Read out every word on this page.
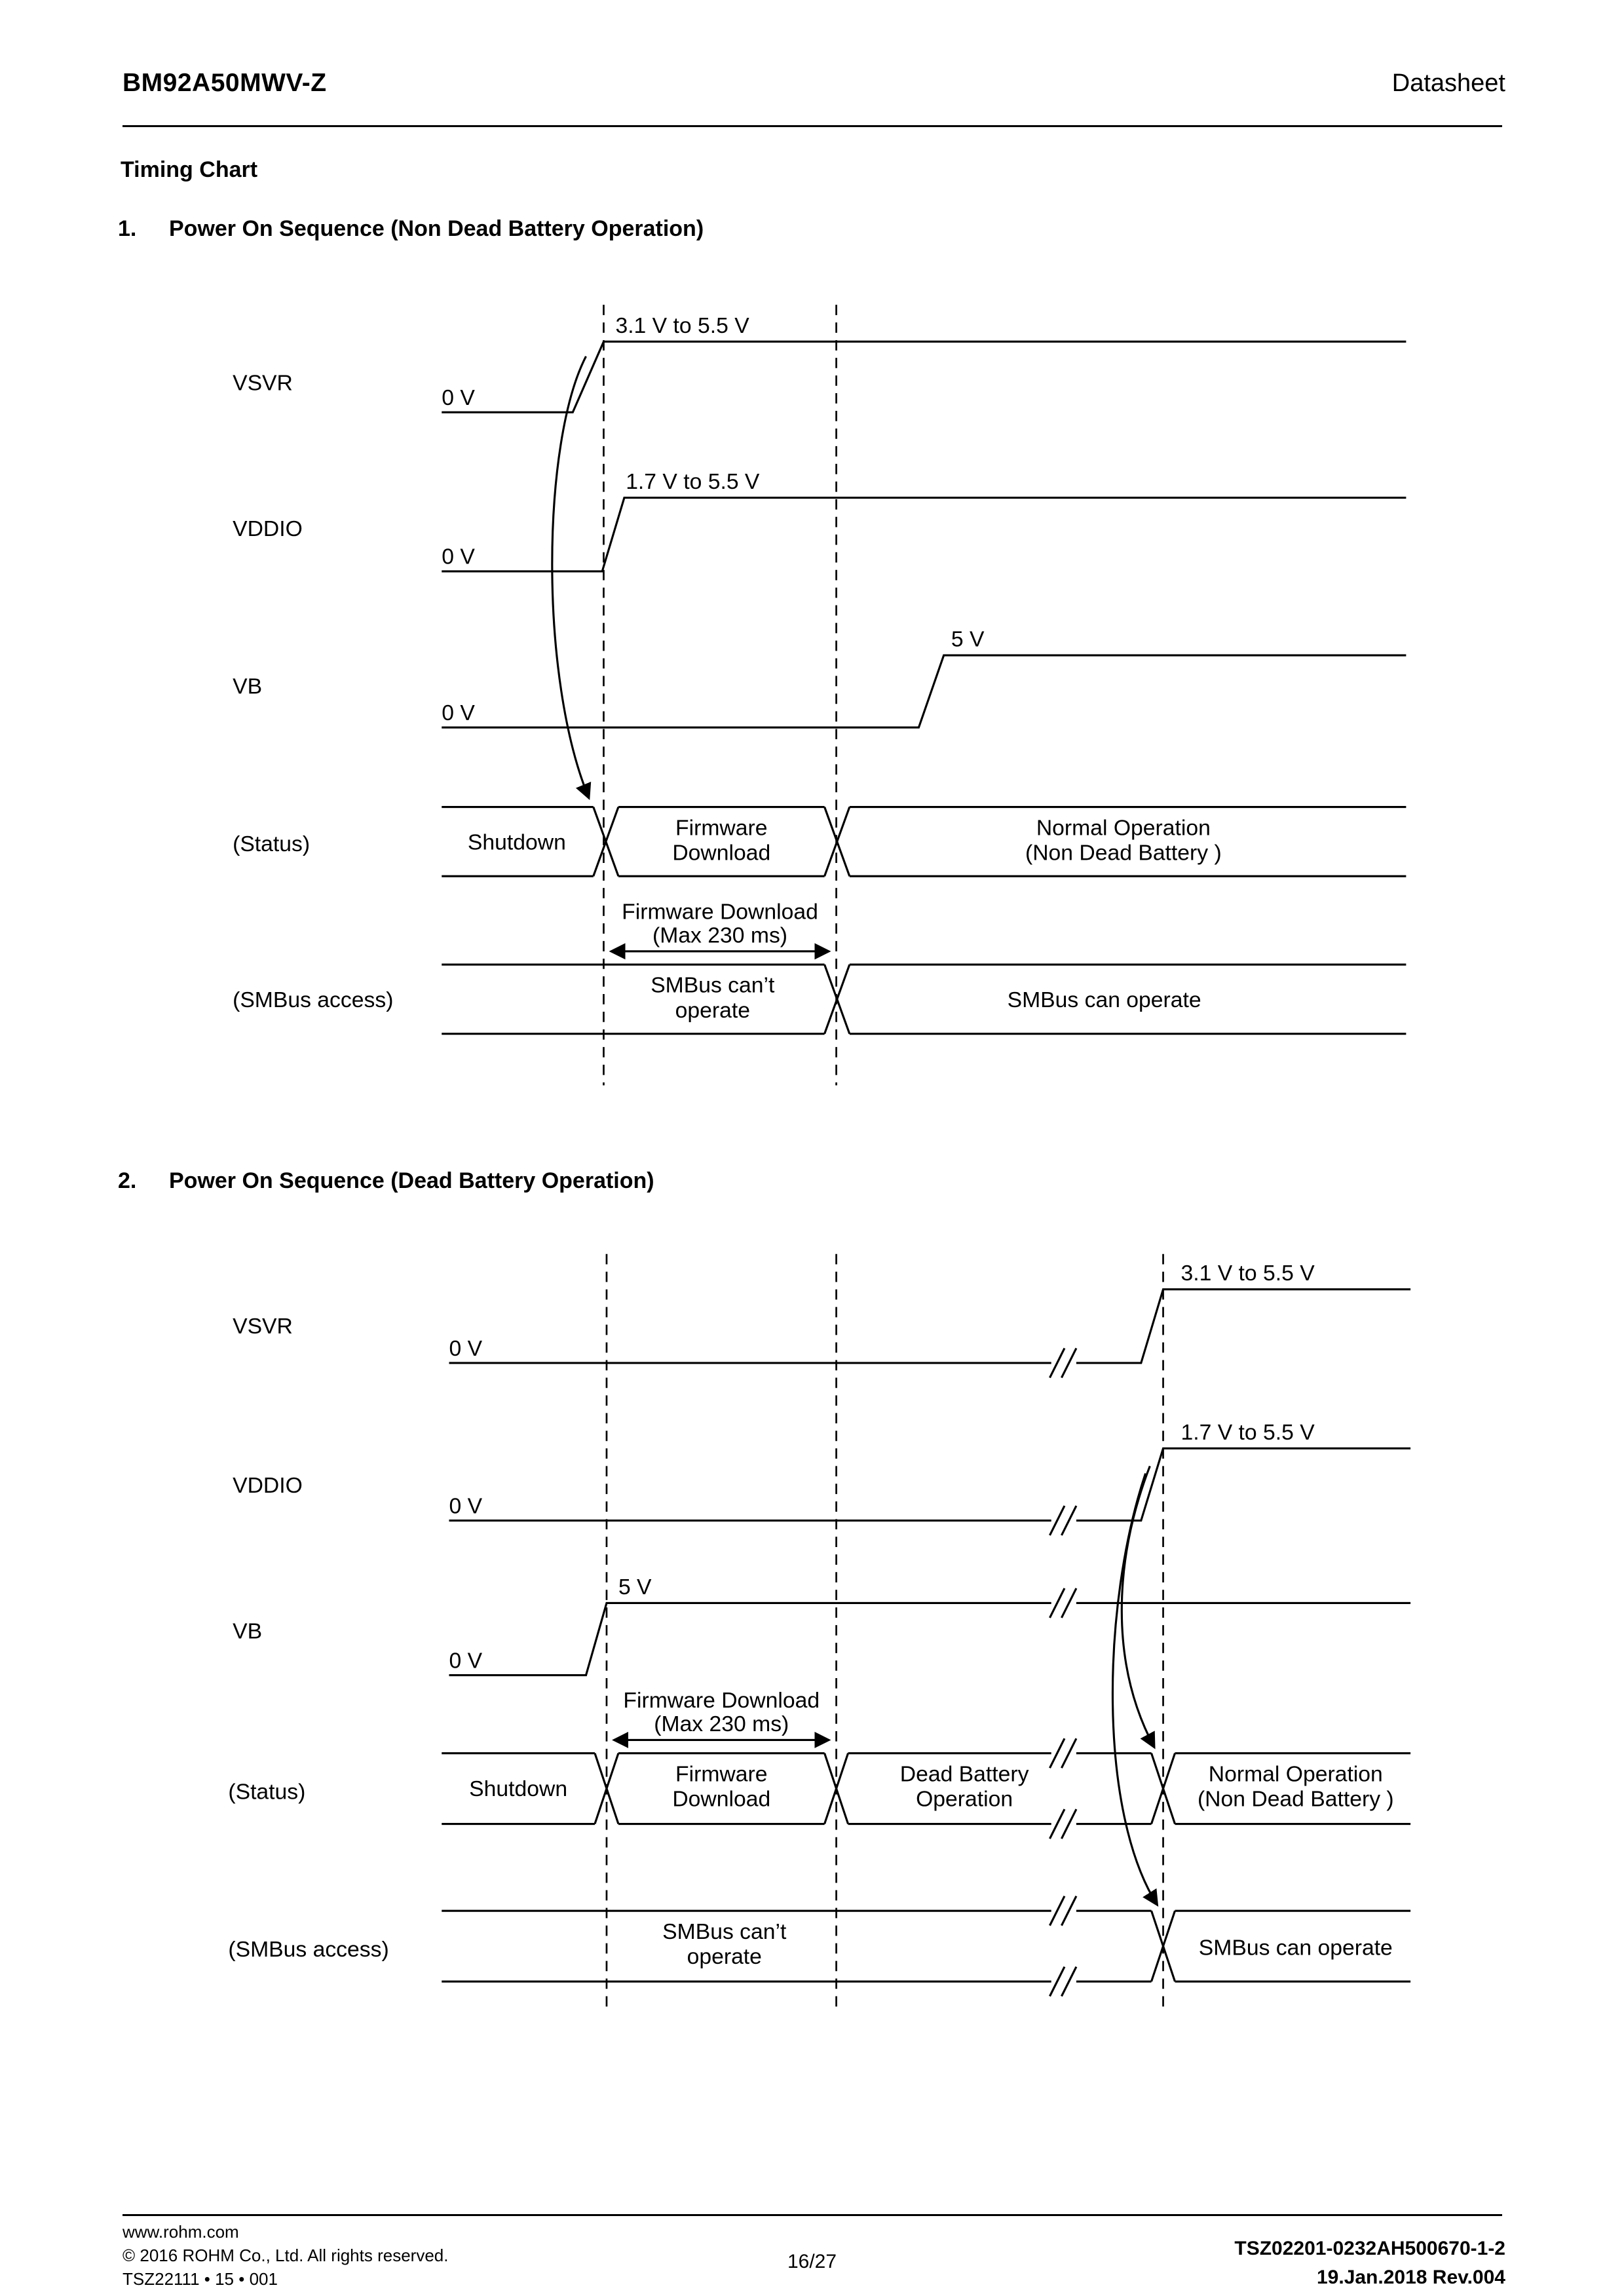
BM92A50MWV-Z	Datasheet
Timing Chart
1. Power On Sequence (Non Dead Battery Operation)
VSVR
0 V
3.1 V to 5.5 V
VDDIO
0 V
1.7 V to 5.5 V
VB
0 V
5 V
(Status)	Shutdown
Firmware
Download
Normal Operation
(Non Dead Battery )
Firmware Download
(Max 230 ms)
(SMBus access)
SMBus can’t
operate	SMBus can operate
2. Power On Sequence (Dead Battery Operation)
VSVR
0 V
3.1 V to 5.5 V
VDDIO
0 V
1.7 V to 5.5 V
VB
0 V
5 V
Firmware Download
(Max 230 ms)
(Status)	Shutdown
Firmware
Download
Dead Battery
Operation
Normal Operation
(Non Dead Battery )
(SMBus access)
SMBus can’t
operate	SMBus can operate
www.rohm.com
© 2016 ROHM Co., Ltd. All rights reserved.
TSZ22111 • 15 • 001
16/27
TSZ02201-0232AH500670-1-2
19.Jan.2018 Rev.004
